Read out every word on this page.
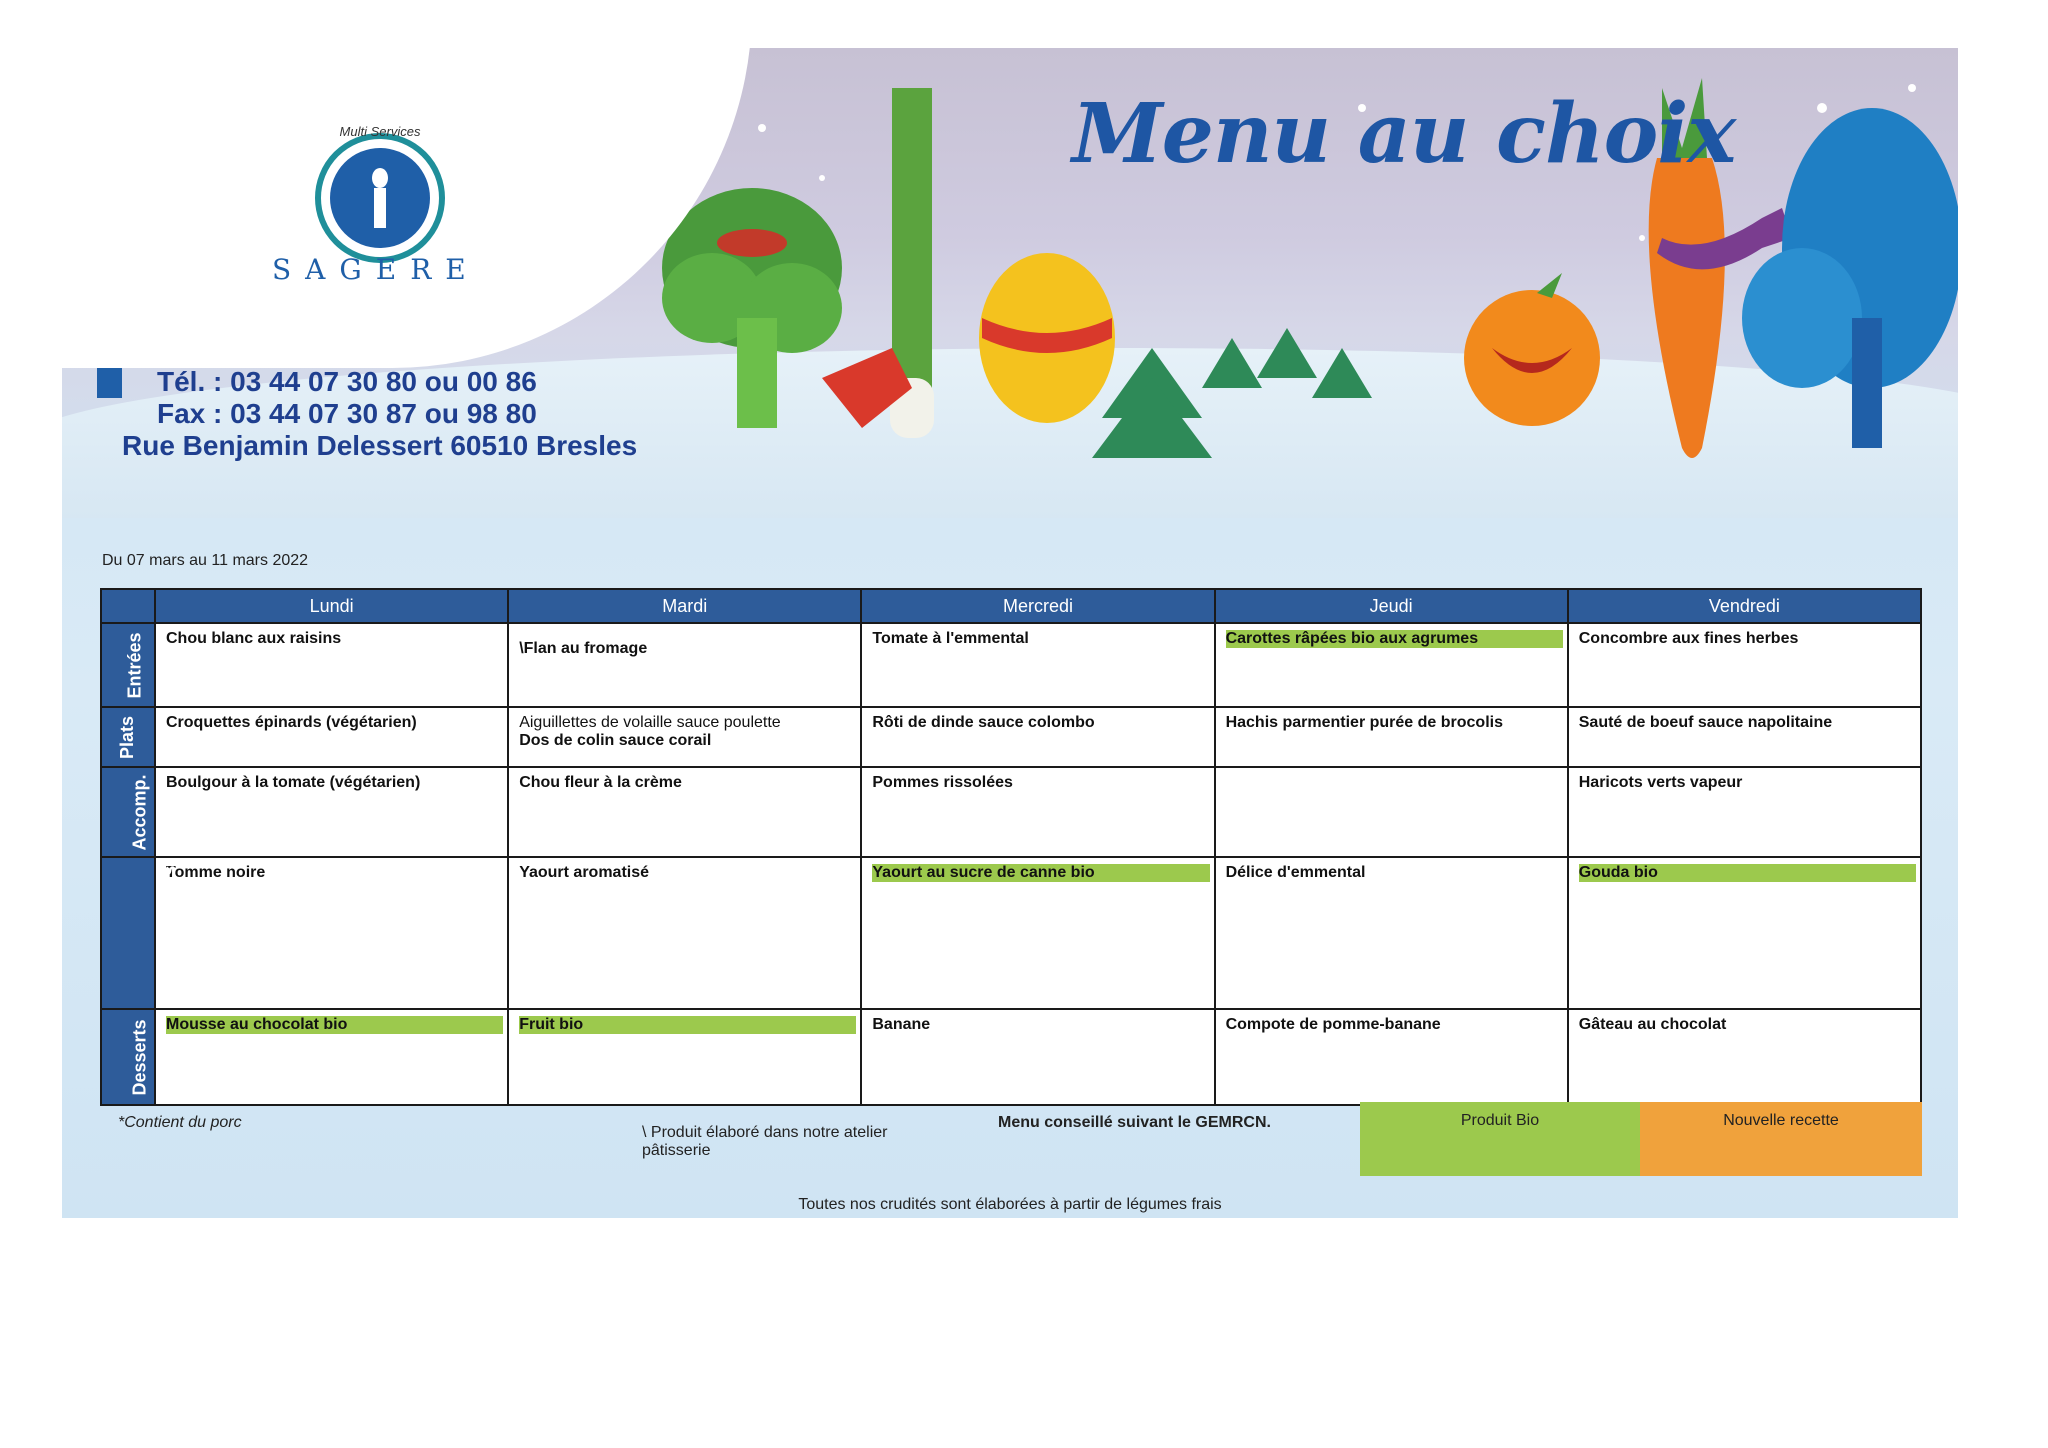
Multi Services
SAGERE
Menu au choix
Tél. : 03 44 07 30 80 ou 00 86
Fax : 03 44 07 30 87 ou 98 80
Rue Benjamin Delessert 60510 Bresles
Du 07 mars au 11 mars 2022
	Lundi	Mardi	Mercredi	Jeudi	Vendredi
Entrées	Chou blanc aux raisins	\Flan au fromage	Tomate à l'emmental	Carottes râpées bio aux agrumes	Concombre aux fines herbes
Plats	Croquettes épinards (végétarien)	Aiguillettes de volaille sauce poulette
Dos de colin sauce corail	Rôti de dinde sauce colombo	Hachis parmentier purée de brocolis	Sauté de boeuf sauce napolitaine
Accomp.	Boulgour à la tomate (végétarien)	Chou fleur à la crème	Pommes rissolées		Haricots verts vapeur
Produits laitiers	Tomme noire	Yaourt aromatisé	Yaourt au sucre de canne bio	Délice d'emmental	Gouda bio

Desserts	Mousse au chocolat bio	Fruit bio	Banane	Compote de pomme-banane	Gâteau au chocolat
*Contient du porc
\ Produit élaboré dans notre atelier pâtisserie
Menu conseillé suivant le GEMRCN.	Produit Bio	Nouvelle recette
Toutes nos crudités sont élaborées à partir de légumes frais
